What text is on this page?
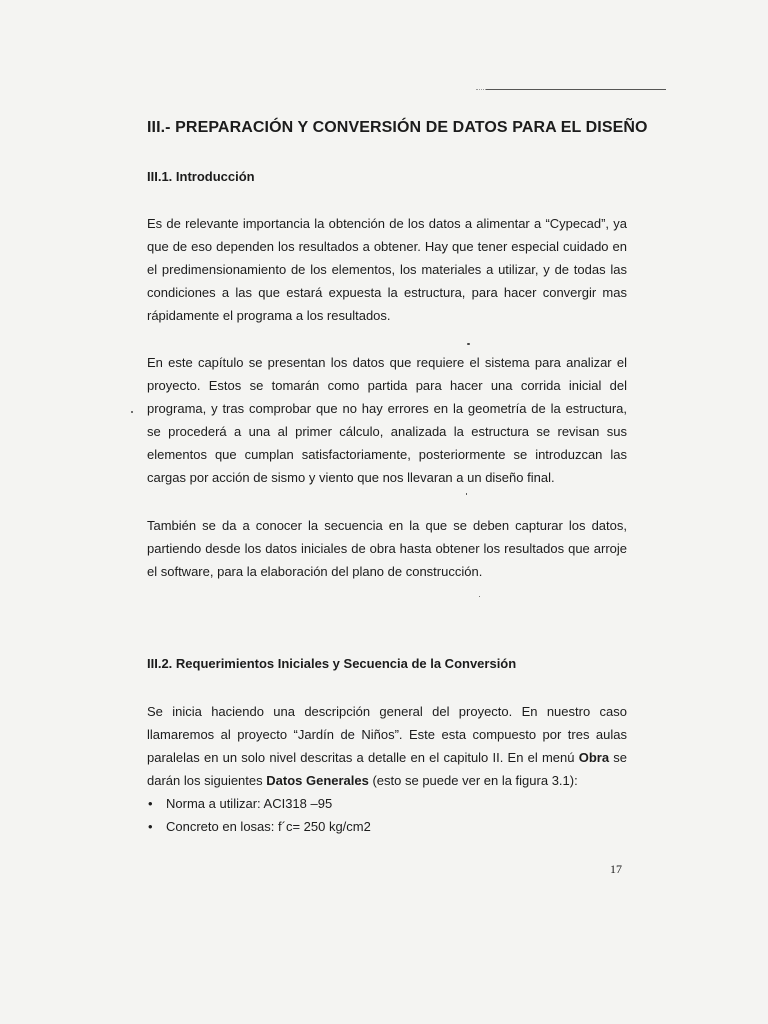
III.- PREPARACIÓN Y CONVERSIÓN DE DATOS PARA EL DISEÑO
III.1. Introducción

Es de relevante importancia la obtención de los datos a alimentar a “Cypecad”, ya que de eso dependen los resultados a obtener. Hay que tener especial cuidado en el predimensionamiento de los elementos, los materiales a utilizar, y de todas las condiciones a las que estará expuesta la estructura, para hacer convergir mas rápidamente el programa a los resultados.

En este capítulo se presentan los datos que requiere el sistema para analizar el proyecto. Estos se tomarán como partida para hacer una corrida inicial del programa, y tras comprobar que no hay errores en la geometría de la estructura, se procederá a una al primer cálculo, analizada la estructura se revisan sus elementos que cumplan satisfactoriamente, posteriormente se introduzcan las cargas por acción de sismo y viento que nos llevaran a un diseño final.

También se da a conocer la secuencia en la que se deben capturar los datos, partiendo desde los datos iniciales de obra hasta obtener los resultados que arroje el software, para la elaboración del plano de construcción.

III.2. Requerimientos Iniciales y Secuencia de la Conversión

Se inicia haciendo una descripción general del proyecto. En nuestro caso llamaremos al proyecto “Jardín de Niños”. Este esta compuesto por tres aulas paralelas en un solo nivel descritas a detalle en el capitulo II. En el menú Obra se darán los siguientes Datos Generales (esto se puede ver en la figura 3.1):

• Norma a utilizar: ACI318 –95
• Concreto en losas: f´c= 250 kg/cm2
17
